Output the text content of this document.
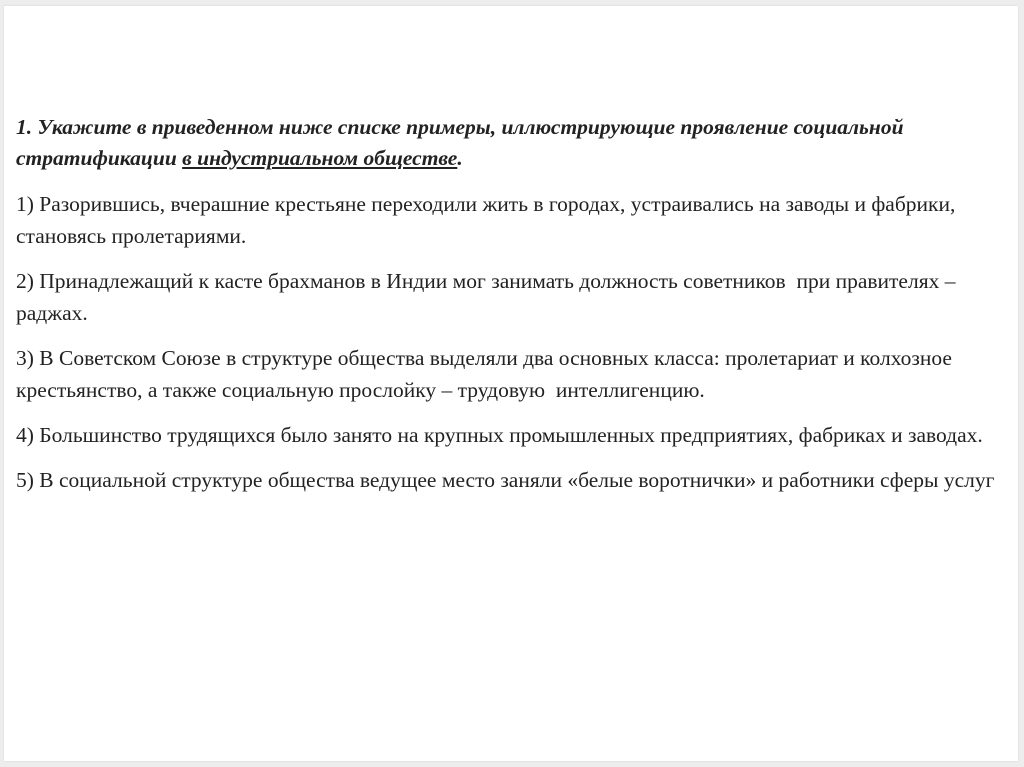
1. Укажите в приведенном ниже списке примеры, иллюстрирующие проявление социальной стратификации в индустриальном обществе.

1) Разорившись, вчерашние крестьяне переходили жить в городах, устраивались на заводы и фабрики, становясь пролетариями.

2) Принадлежащий к касте брахманов в Индии мог занимать должность советников  при правителях – раджах.

3) В Советском Союзе в структуре общества выделяли два основных класса: пролетариат и колхозное крестьянство, а также социальную прослойку – трудовую  интеллигенцию.

4) Большинство трудящихся было занято на крупных промышленных предприятиях, фабриках и заводах.

5) В социальной структуре общества ведущее место заняли «белые воротнички» и работники сферы услуг
